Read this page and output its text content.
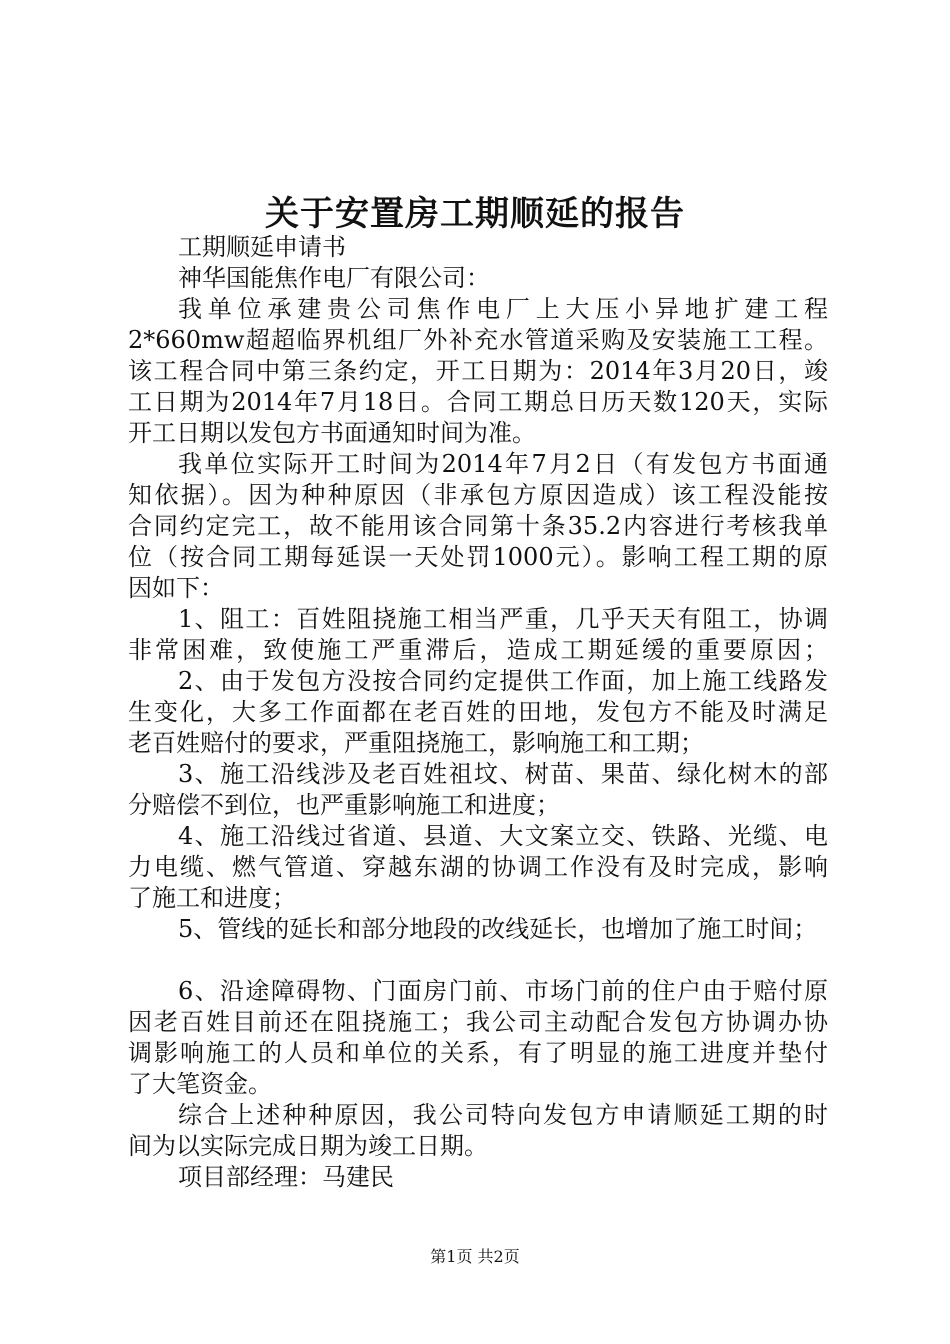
关于安置房工期顺延的报告
工期顺延申请书
神华国能焦作电厂有限公司：
我单位承建贵公司焦作电厂上大压小异地扩建工程
2*660mw超超临界机组厂外补充水管道采购及安装施工工程。
该工程合同中第三条约定，开工日期为：2014年3月20日，竣
工日期为2014年7月18日。合同工期总日历天数120天，实际
开工日期以发包方书面通知时间为准。
我单位实际开工时间为2014年7月2日（有发包方书面通
知依据）。因为种种原因（非承包方原因造成）该工程没能按
合同约定完工，故不能用该合同第十条35.2内容进行考核我单
位（按合同工期每延误一天处罚1000元）。影响工程工期的原
因如下：
1、阻工：百姓阻挠施工相当严重，几乎天天有阻工，协调
非常困难，致使施工严重滞后，造成工期延缓的重要原因；
2、由于发包方没按合同约定提供工作面，加上施工线路发
生变化，大多工作面都在老百姓的田地，发包方不能及时满足
老百姓赔付的要求，严重阻挠施工，影响施工和工期；
3、施工沿线涉及老百姓祖坟、树苗、果苗、绿化树木的部
分赔偿不到位，也严重影响施工和进度；
4、施工沿线过省道、县道、大文案立交、铁路、光缆、电
力电缆、燃气管道、穿越东湖的协调工作没有及时完成，影响
了施工和进度；
5、管线的延长和部分地段的改线延长，也增加了施工时间；
6、沿途障碍物、门面房门前、市场门前的住户由于赔付原
因老百姓目前还在阻挠施工；我公司主动配合发包方协调办协
调影响施工的人员和单位的关系，有了明显的施工进度并垫付
了大笔资金。
综合上述种种原因，我公司特向发包方申请顺延工期的时
间为以实际完成日期为竣工日期。
项目部经理：马建民
第1页 共2页
